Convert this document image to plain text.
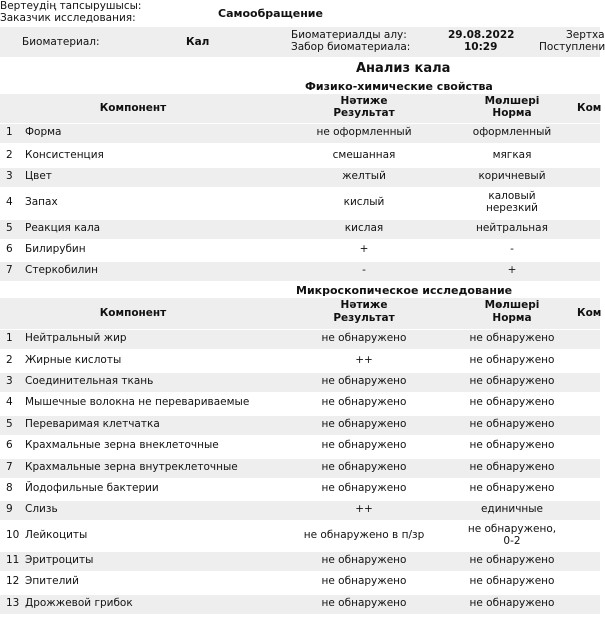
Вертеудің тапсырушысы:
Заказчик исследования:	Самообращение
Биоматериал:	Кал
Биоматериалды алу:
Забор биоматериала:
29.08.2022
10:29
Зертха
Поступлени
Анализ кала
Физико-химические свойства
Компонент
Нәтиже
Результат
Мөлшері
Норма	Ком
1 Форма	не оформленный	оформленный
2 Консистенция	смешанная	мягкая
3 Цвет	желтый	коричневый
4 Запах	кислый	каловый
нерезкий
5 Реакция кала	кислая	нейтральная
6 Билирубин	+	-
7 Стеркобилин	-	+
Микроскопическое исследование
Компонент
Нәтиже
Результат
Мөлшері
Норма	Ком
1 Нейтральный жир	не обнаружено	не обнаружено
2 Жирные кислоты	++	не обнаружено
3 Соединительная ткань	не обнаружено	не обнаружено
4 Мышечные волокна не перевариваемые	не обнаружено	не обнаружено
5 Переваримая клетчатка	не обнаружено	не обнаружено
6 Крахмальные зерна внеклеточные	не обнаружено	не обнаружено
7 Крахмальные зерна внутреклеточные	не обнаружено	не обнаружено
8 Йодофильные бактерии	не обнаружено	не обнаружено
9 Слизь	++	единичные
10 Лейкоциты	не обнаружено в п/зр	не обнаружено,
0-2
11 Эритроциты	не обнаружено	не обнаружено
12 Эпителий	не обнаружено	не обнаружено
13 Дрожжевой грибок	не обнаружено	не обнаружено
